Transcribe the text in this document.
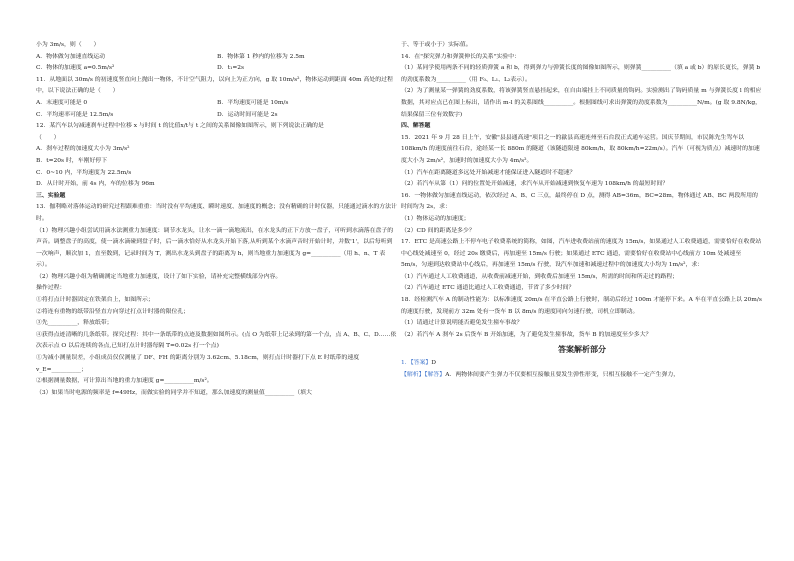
小为 3m/s，则（　　）
A．物体做匀加速直线运动	B．物体第 1 秒内的位移为 2.5m
C．物体的加速度 a=0.5m/s²	D．t₁=2s
11．从地面以 30m/s 的初速度竖直向上抛出一物体，不计空气阻力，以向上为正方向，g 取 10m/s²，物体运动到距面 40m 高处的过程中，以下说法正确的是（　　）
A．末速度可能是 0	B．平均速度可能是 10m/s
C．平均速率可能是 12.5m/s	D．运动时间可能是 2s
12．某汽车以匀减速刹车过程中位移 x 与时间 t 的比值x/t与 t 之间的关系图像如图所示，则下列说法正确的是
（　　）
A．刹车过程的加速度大小为 3m/s²
B．t=20s 时，车刚好停下
C．0~10 内，平均速度为 22.5m/s
D．从计时开始，前 4s 内，车的位移为 96m
三、实验题
13．伽利略对落体运动的研究过程跟难重重：当时没有平均速度、瞬时速度、加速度的概念；没有精确的计时仪器，只能通过滴水的方法计时。
（1）物理兴趣小组尝试用滴水法测重力加速度：调节水龙头，让水一滴一滴地流出，在水龙头的正下方放一盘子，可听到水滴落在盘子的声音。调整盘子的高度，使一滴水滴碰到盘子时，后一滴水恰好从水龙头开始下落,从听到某个水滴声音时开始计时，并数'1'，以后每听到一次响声，顺次加 1，直至数到，记录时间为 T，测出水龙头到盘子的距离为 h，则当地重力加速度为 g=__________（用 h、n、T 表示）。
（2）物理兴趣小组为精确测定当地重力加速度，设计了如下实验，请补充完整横线部分内容。
操作过程：
①将打点计时器固定在铁架台上，如图所示；
②将连有重物的纸带沿竖直方向穿过打点计时器的限位孔；
③先__________，释放纸带；
④获得点迹清晰的几条纸带。探究过程：其中一条纸带的点迹及数据如图所示。(点 O 为纸带上记录到的第一个点，点 A、B、C、D……依次表示点 O 以后连续的各点,已知打点计时器每隔 T=0.02s 打一个点)
①为减小测量误差，小组成员仅仅测量了 DF、FH 的距离分别为 3.62cm、5.18cm，则打点计时器打下点 E 时纸带的速度 v_E=__________；
②根据测量数据，可计算出当地的重力加速度 g=__________m/s²。
（3）如果当时电源的频率是 f=49Hz，而做实验的同学并不知道，那么加速度的测量值__________（填大
于、等于或小于）实际值。
14．在"探究弹力和弹簧伸长的关系"实验中：
（1）某同学使用两条不同的轻质弹簧 a 和 b，得到弹力与弹簧长度的图像如图所示，则弹簧__________（填 a 或 b）的原长更长，弹簧 b 的劲度系数为__________（用 F₀、L₁、L₂表示）。
（2）为了测量某一弹簧的劲度系数，将该弹簧竖直悬挂起来，在自由端挂上不同质量的钩码。实验测出了钩码质量 m 与弹簧长度 l 的相应数据，其对应点已在图上标出，请作出 m-l 的关系图线__________。根据图线可求出弹簧的劲度系数为__________N/m。(g 取 9.8N/kg，结果保留三位有效数字)
四、解答题
15．2021 年 9 月 28 日上午，安徽"县县通高速"项目之一的歙县高速连州至石台段正式通车运营。国庆节期间，市民陈先生驾车以 108km/h 的速度前往石台，途经某一长 880m 的隧道（该隧道限速 80km/h，取 80km/h=22m/s）。汽车（可视为质点）减速时的加速度大小为 2m/s²，加速时的加速度大小为 4m/s²。
（1）汽车在距离隧道多远处开始减速才能保证进入隧道时不超速？
（2）若汽车从第（1）问的位置处开始减速，求汽车从开始减速到恢复车速为 108km/h 的最短时间？
16．一物体做匀加速直线运动，依次经过 A、B、C 三点，最终停在 D 点，测得 AB=36m，BC=28m，物体通过 AB、BC 两段所用的时间均为 2s，求：
（1）物体运动的加速度；
（2）CD 间的距离是多少？
17．ETC 是高速公路上不停车电子收费系统的简称，如图，汽车进收费站前的速度为 15m/s，如果通过人工收费通道，需要恰好在收费站中心线处减速至 0，经过 20s 缴费后，再加速至 15m/s 行驶；如果通过 ETC 通道，需要恰好在收费站中心线前方 10m 处减速至 5m/s，匀速到达收费站中心线后，再加速至 15m/s 行驶，设汽车加速和减速过程中的加速度大小均为 1m/s²，求：
（1）汽车通过人工收费通道，从收费前减速开始，到收费后加速至 15m/s，所需的时间和所走过的路程；
（2）汽车通过 ETC 通道比通过人工收费通道，节省了多少时间？
18．经检测汽车 A 的制动性能为：以标准速度 20m/s 在平直公路上行驶时，制动后经过 100m 才能停下来。A 车在平直公路上以 20m/s 的速度行驶，发现前方 32m 处有一货车 B 以 8m/s 的速度同向匀速行驶，司机立即制动。
（1）请通过计算说明能否避免发生撞车事故？
（2）若汽车 A 刹车 2s 后货车 B 开始加速，为了避免发生撞事故，货车 B 的加速度至少多大？
答案解析部分
1．【答案】D
【解析】【解答】A．两物体间要产生弹力不仅要相互接触且要发生弹性形变，只相互接触不一定产生弹力，
